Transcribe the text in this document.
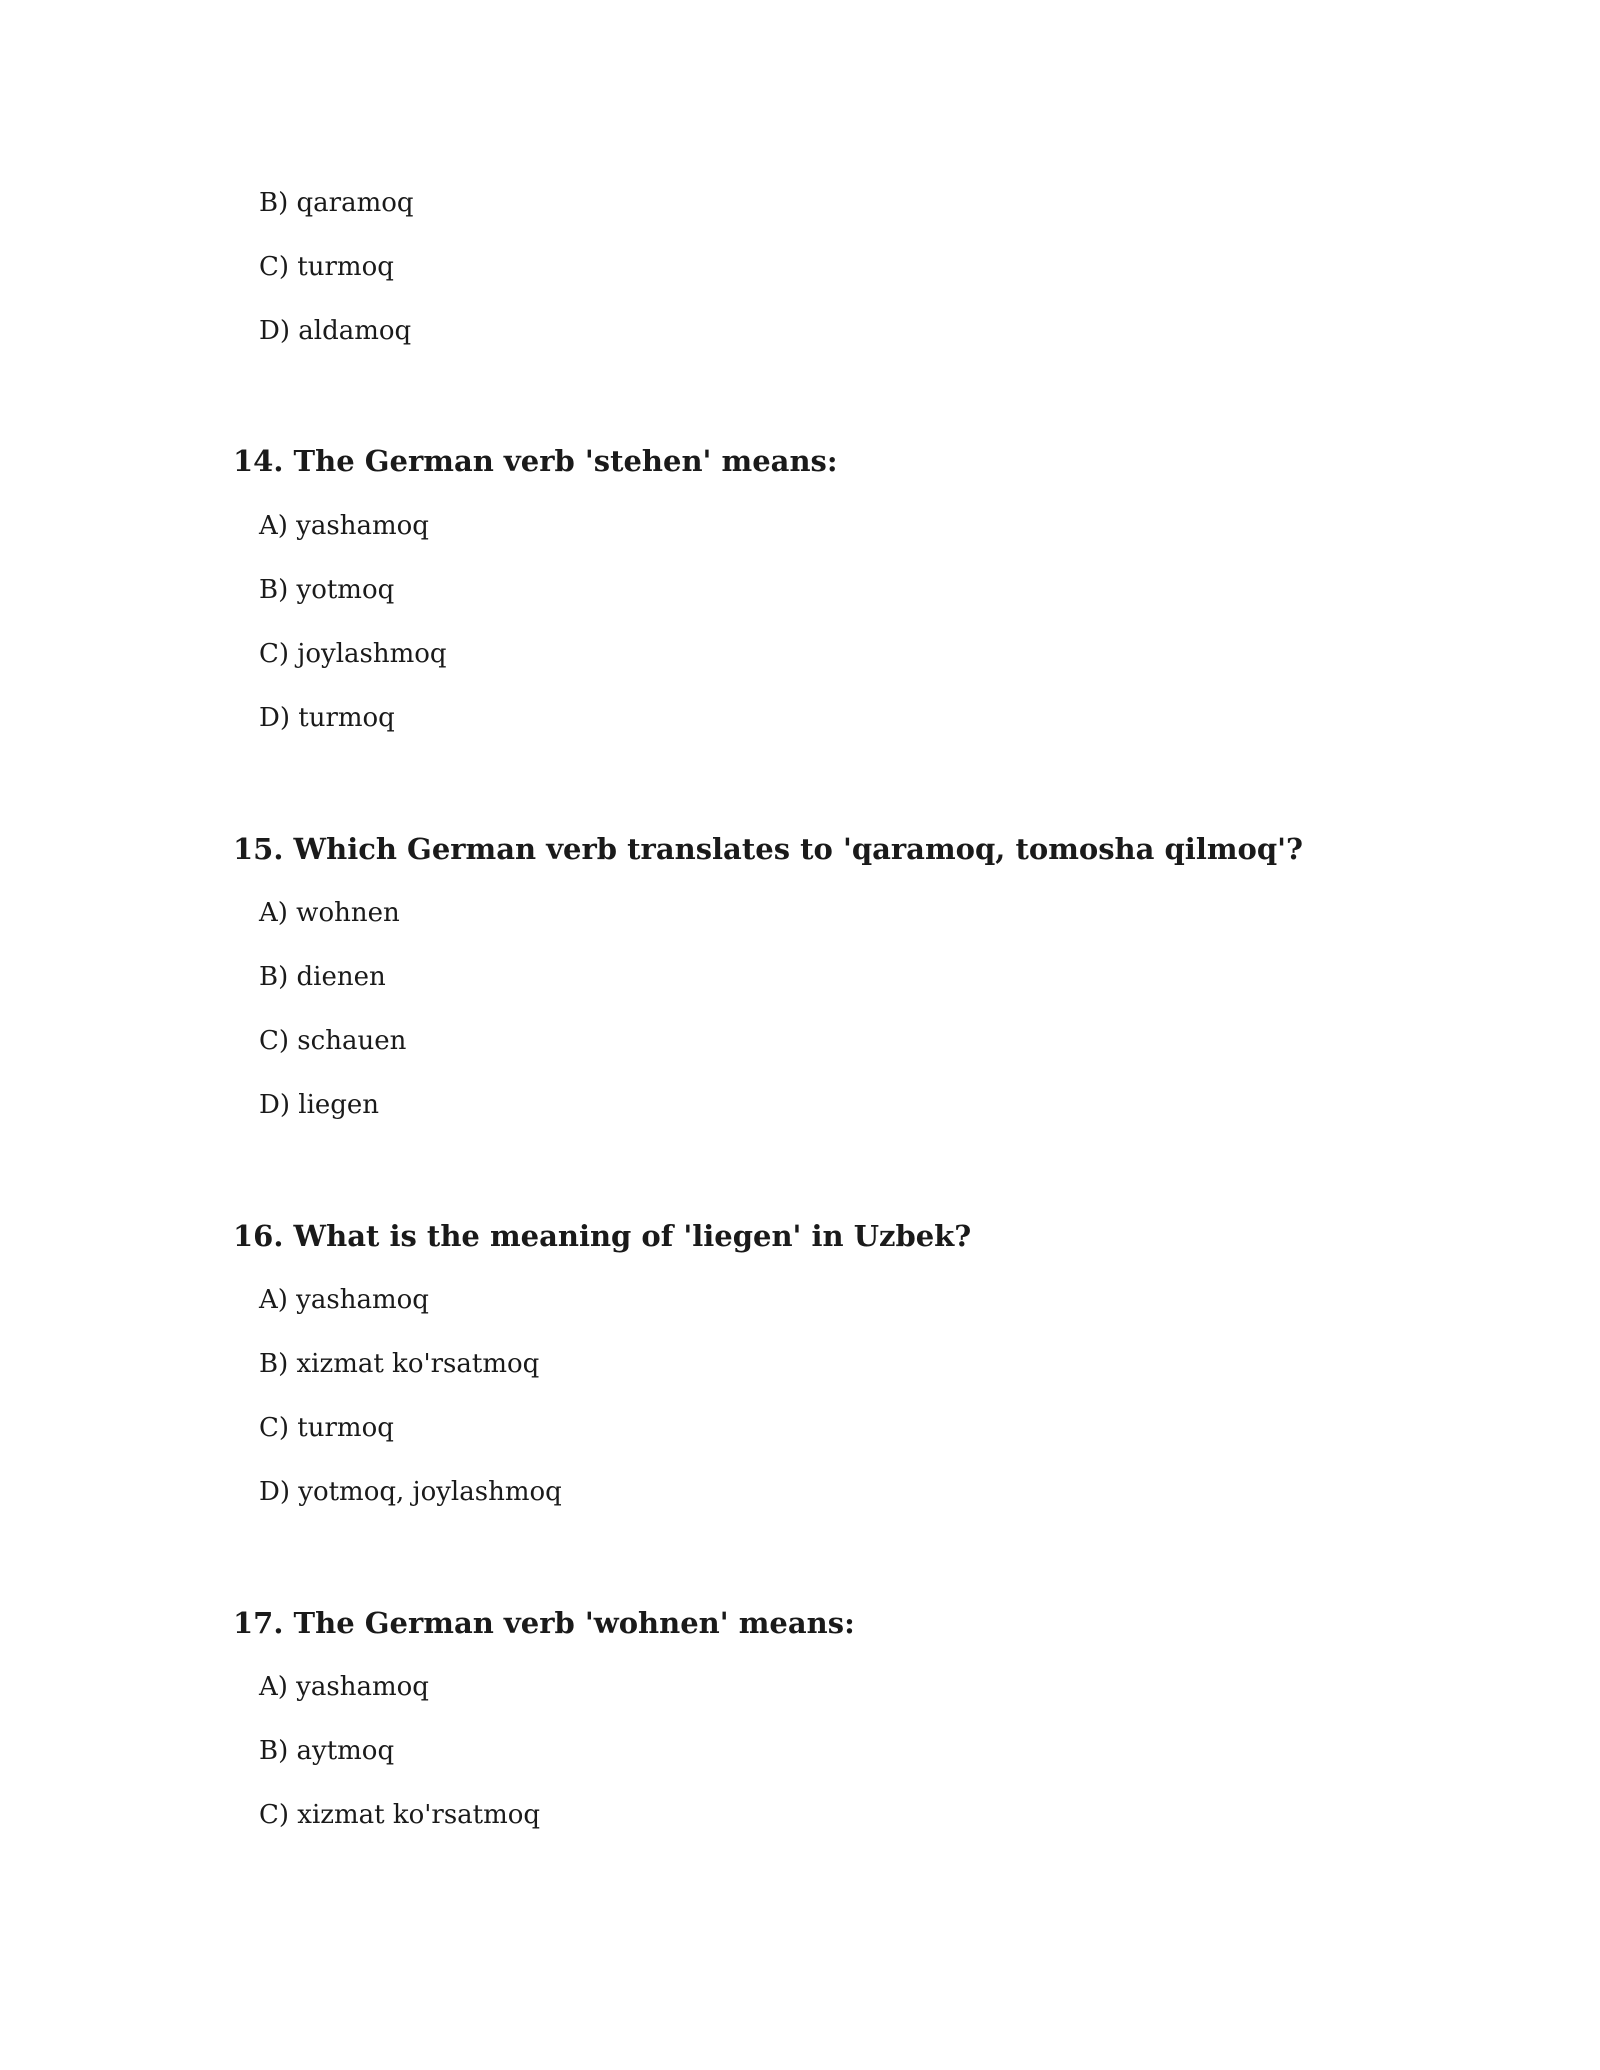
B) qaramoq
C) turmoq
D) aldamoq
14. The German verb 'stehen' means:
A) yashamoq
B) yotmoq
C) joylashmoq
D) turmoq
15. Which German verb translates to 'qaramoq, tomosha qilmoq'?
A) wohnen
B) dienen
C) schauen
D) liegen
16. What is the meaning of 'liegen' in Uzbek?
A) yashamoq
B) xizmat ko'rsatmoq
C) turmoq
D) yotmoq, joylashmoq
17. The German verb 'wohnen' means:
A) yashamoq
B) aytmoq
C) xizmat ko'rsatmoq
